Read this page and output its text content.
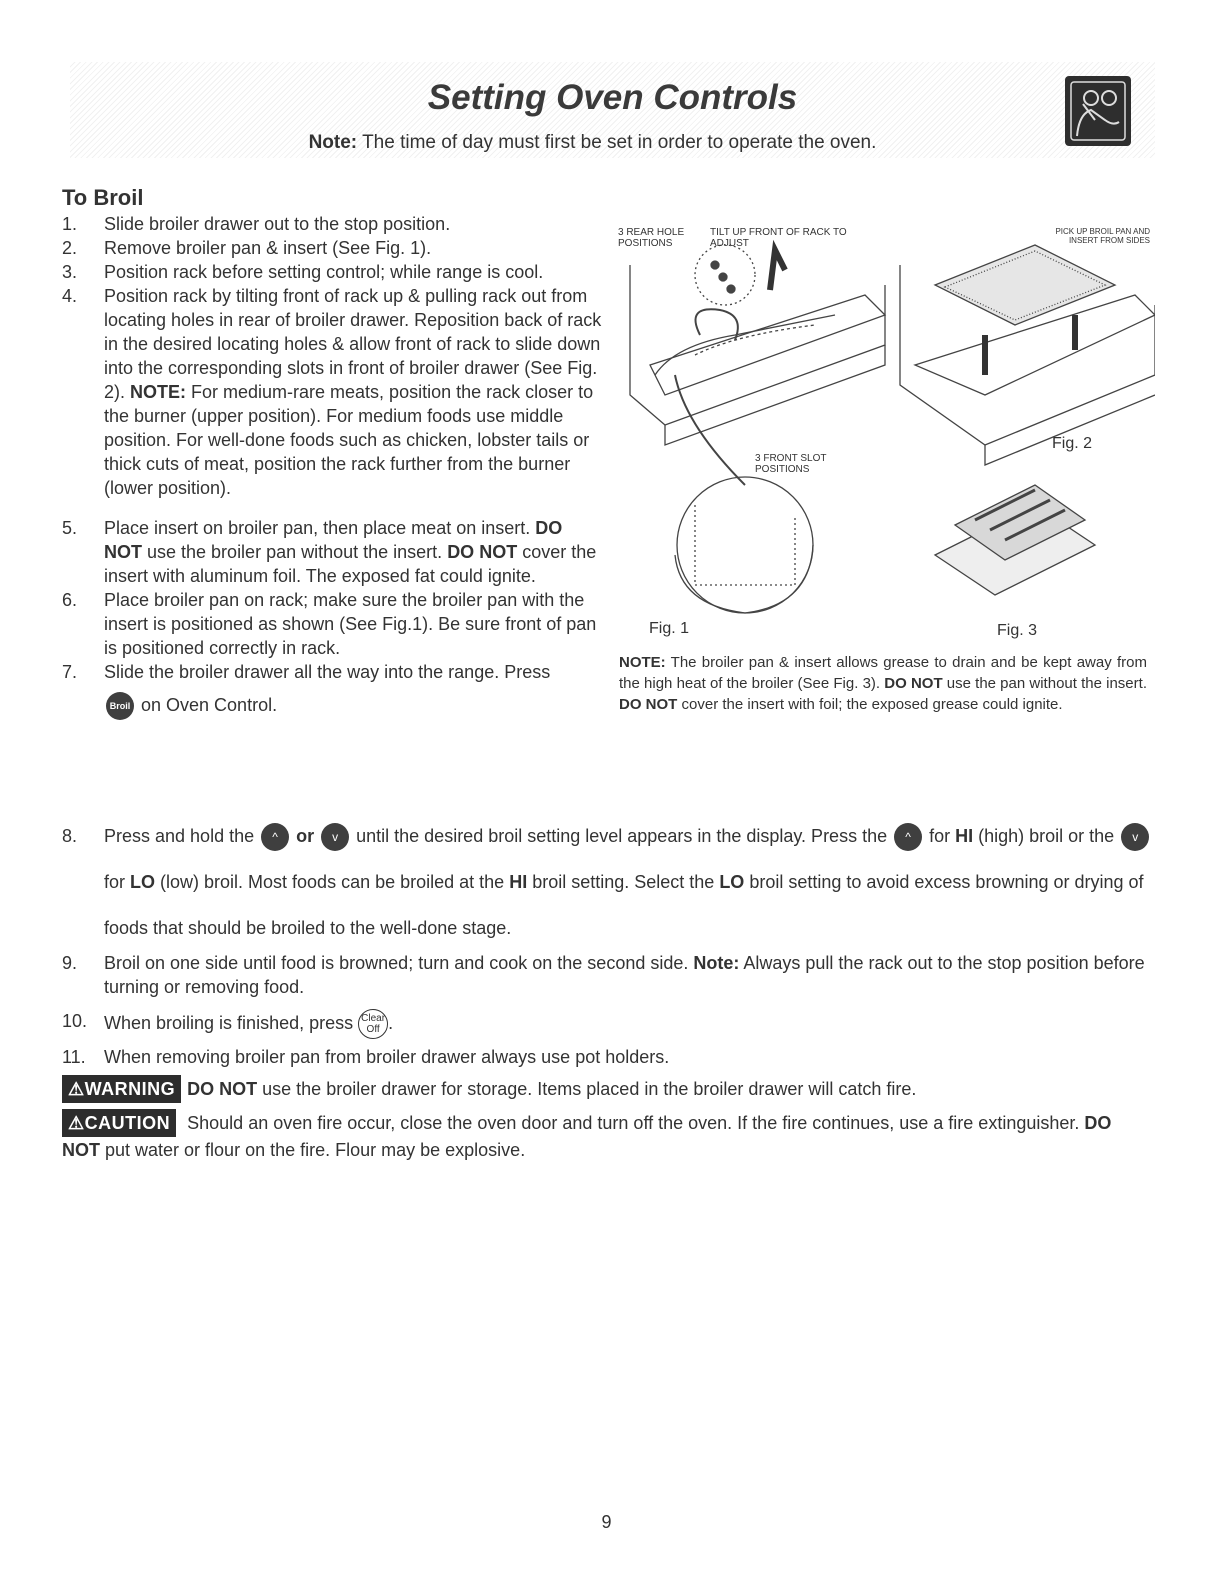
Setting Oven Controls
Note: The time of day must first be set in order to operate the oven.
To Broil
1.	Slide broiler drawer out to the stop position.
2.	Remove broiler pan & insert (See Fig. 1).
3.	Position rack before setting control; while range is cool.
4.	Position rack by tilting front of rack up & pulling rack out from locating holes in rear of broiler drawer. Reposition back of rack in the desired locating holes & allow front of rack to slide down into the corresponding slots in front of broiler drawer (See Fig. 2). NOTE: For medium-rare meats, position the rack closer to the burner (upper position). For medium foods use middle position. For well-done foods such as chicken, lobster tails or thick cuts of meat, position the rack further from the burner (lower position).
5.	Place insert on broiler pan, then place meat on insert. DO NOT use the broiler pan without the insert. DO NOT cover the insert with aluminum foil. The exposed fat could ignite.
6.	Place broiler pan on rack; make sure the broiler pan with the insert is positioned as shown (See Fig.1). Be sure front of pan is positioned correctly in rack.
7.	Slide the broiler drawer all the way into the range. Press
Broil on Oven Control.
3 REAR HOLE POSITIONS
TILT UP FRONT OF RACK TO ADJUST
3 FRONT SLOT POSITIONS
PICK UP BROIL PAN AND INSERT FROM SIDES
Fig. 1
Fig. 2
Fig. 3
NOTE: The broiler pan & insert allows grease to drain and be kept away from the high heat of the broiler (See Fig. 3). DO NOT use the pan without the insert. DO NOT cover the insert with foil; the exposed grease could ignite.
8.	Press and hold the ^ or v until the desired broil setting level appears in the display. Press the ^ for HI (high) broil or the v for LO (low) broil. Most foods can be broiled at the HI broil setting. Select the LO broil setting to avoid excess browning or drying of foods that should be broiled to the well-done stage.
9.	Broil on one side until food is browned; turn and cook on the second side. Note: Always pull the rack out to the stop position before turning or removing food.
10. When broiling is finished, press Clear
Off .
11.	When removing broiler pan from broiler drawer always use pot holders.
⚠WARNING DO NOT use the broiler drawer for storage. Items placed in the broiler drawer will catch fire.
⚠CAUTION Should an oven fire occur, close the oven door and turn off the oven. If the fire continues, use a fire extinguisher. DO NOT put water or flour on the fire. Flour may be explosive.
9
